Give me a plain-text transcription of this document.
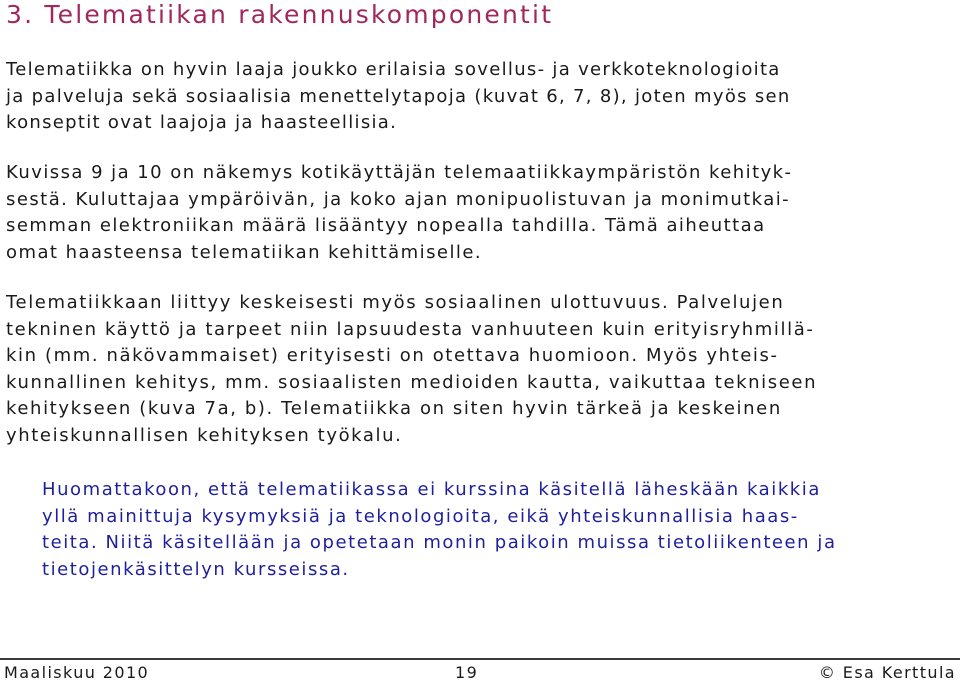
3. Telematiikan rakennuskomponentit
Telematiikka on hyvin laaja joukko erilaisia sovellus- ja verkkoteknologioita
ja palveluja sekä sosiaalisia menettelytapoja (kuvat 6, 7, 8), joten myös sen
konseptit ovat laajoja ja haasteellisia.
Kuvissa 9 ja 10 on näkemys kotikäyttäjän telemaatiikkaympäristön kehityk-
sestä. Kuluttajaa ympäröivän, ja koko ajan monipuolistuvan ja monimutkai-
semman elektroniikan määrä lisääntyy nopealla tahdilla. Tämä aiheuttaa
omat haasteensa telematiikan kehittämiselle.
Telematiikkaan liittyy keskeisesti myös sosiaalinen ulottuvuus. Palvelujen
tekninen käyttö ja tarpeet niin lapsuudesta vanhuuteen kuin erityisryhmillä-
kin (mm. näkövammaiset) erityisesti on otettava huomioon. Myös yhteis-
kunnallinen kehitys, mm. sosiaalisten medioiden kautta, vaikuttaa tekniseen
kehitykseen (kuva 7a, b). Telematiikka on siten hyvin tärkeä ja keskeinen
yhteiskunnallisen kehityksen työkalu.
Huomattakoon, että telematiikassa ei kurssina käsitellä läheskään kaikkia
yllä mainittuja kysymyksiä ja teknologioita, eikä yhteiskunnallisia haas-
teita. Niitä käsitellään ja opetetaan monin paikoin muissa tietoliikenteen ja
tietojenkäsittelyn kursseissa.
Maaliskuu 2010	19	© Esa Kerttula
